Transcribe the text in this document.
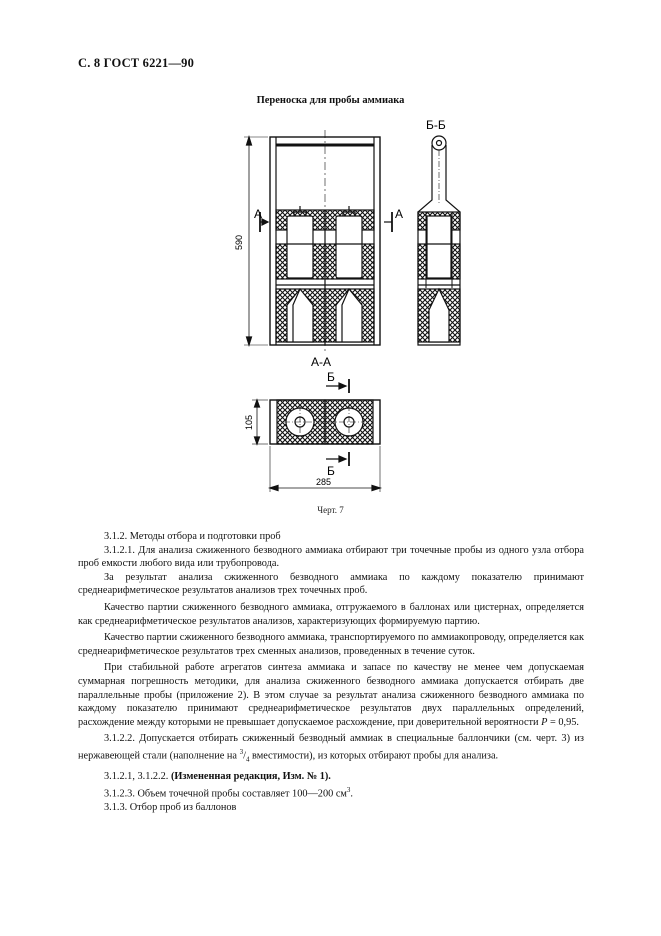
С. 8 ГОСТ 6221—90
Переноска для пробы аммиака
А	А
590
Б-Б
А-А
Б
Б
105
285
Черт. 7

3.1.2. Методы отбора и подготовки проб

3.1.2.1. Для анализа сжиженного безводного аммиака отбирают три точечные пробы из одного узла отбора проб емкости любого вида или трубопровода.

За результат анализа сжиженного безводного аммиака по каждому показателю принимают среднеарифметическое результатов анализов трех точечных проб.

Качество партии сжиженного безводного аммиака, отгружаемого в баллонах или цистернах, определяется как среднеарифметическое результатов анализов, характеризующих формируемую партию.

Качество партии сжиженного безводного аммиака, транспортируемого по аммиакопроводу, определяется как среднеарифметическое результатов трех сменных анализов, проведенных в течение суток.

При стабильной работе агрегатов синтеза аммиака и запасе по качеству не менее чем допускаемая суммарная погрешность методики, для анализа сжиженного безводного аммиака допускается отбирать две параллельные пробы (приложение 2). В этом случае за результат анализа сжиженного безводного аммиака по каждому показателю принимают среднеарифметическое результатов двух параллельных определений, расхождение между которыми не превышает допускаемое расхождение, при доверительной вероятности P = 0,95.

3.1.2.2. Допускается отбирать сжиженный безводный аммиак в специальные баллончики (см. черт. 3) из нержавеющей стали (наполнение на $^3/_4$ вместимости), из которых отбирают пробы для анализа.

3.1.2.1, 3.1.2.2. (Измененная редакция, Изм. № 1).

3.1.2.3. Объем точечной пробы составляет 100—200 $см^3$.

3.1.3. Отбор проб из баллонов
